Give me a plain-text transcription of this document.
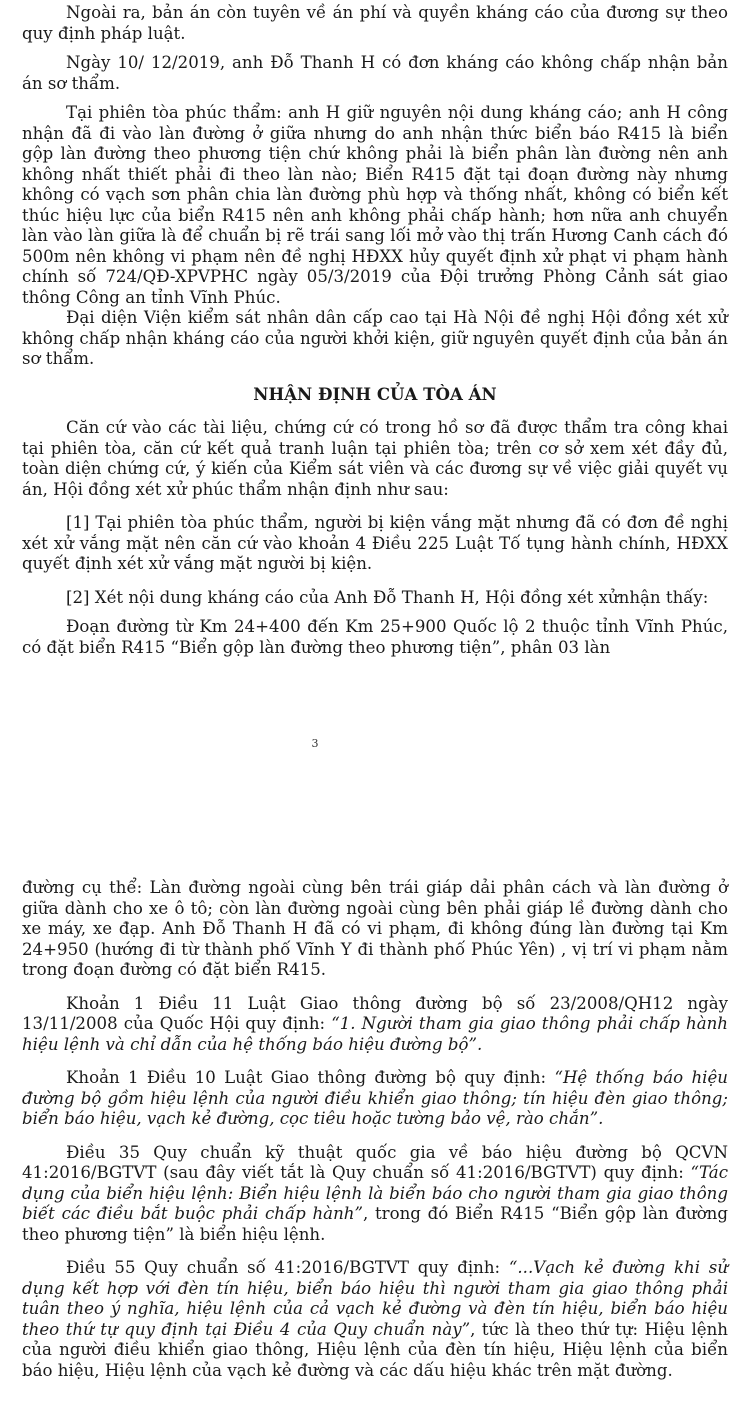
Ngoài ra, bản án còn tuyên về án phí và quyền kháng cáo của đương sự theo quy định pháp luật.

Ngày 10/ 12/2019, anh Đỗ Thanh H có đơn kháng cáo không chấp nhận bản án sơ thẩm.

Tại phiên tòa phúc thẩm: anh H giữ nguyên nội dung kháng cáo; anh H công nhận đã đi vào làn đường ở giữa nhưng do anh nhận thức biển báo R415 là biển gộp làn đường theo phương tiện chứ không phải là biển phân làn đường nên anh không nhất thiết phải đi theo làn nào; Biển R415 đặt tại đoạn đường này nhưng không có vạch sơn phân chia làn đường phù hợp và thống nhất, không có biển kết thúc hiệu lực của biển R415 nên anh không phải chấp hành; hơn nữa anh chuyển làn vào làn giữa là để chuẩn bị rẽ trái sang lối mở vào thị trấn Hương Canh cách đó 500m nên không vi phạm nên đề nghị HĐXX hủy quyết định xử phạt vi phạm hành chính số 724/QĐ-XPVPHC ngày 05/3/2019 của Đội trưởng Phòng Cảnh sát giao thông Công an tỉnh Vĩnh Phúc.

Đại diện Viện kiểm sát nhân dân cấp cao tại Hà Nội đề nghị Hội đồng xét xử không chấp nhận kháng cáo của người khởi kiện, giữ nguyên quyết định của bản án sơ thẩm.

NHẬN ĐỊNH CỦA TÒA ÁN

Căn cứ vào các tài liệu, chứng cứ có trong hồ sơ đã được thẩm tra công khai tại phiên tòa, căn cứ kết quả tranh luận tại phiên tòa; trên cơ sở xem xét đầy đủ, toàn diện chứng cứ, ý kiến của Kiểm sát viên và các đương sự về việc giải quyết vụ án, Hội đồng xét xử phúc thẩm nhận định như sau:

[1] Tại phiên tòa phúc thẩm, người bị kiện vắng mặt nhưng đã có đơn đề nghị xét xử vắng mặt nên căn cứ vào khoản 4 Điều 225 Luật Tố tụng hành chính, HĐXX quyết định xét xử vắng mặt người bị kiện.

[2] Xét nội dung kháng cáo của Anh Đỗ Thanh H, Hội đồng xét xửnhận thấy:

Đoạn đường từ Km 24+400 đến Km 25+900 Quốc lộ 2 thuộc tỉnh Vĩnh Phúc, có đặt biển R415 “Biển gộp làn đường theo phương tiện”, phân 03 làn

3

đường cụ thể: Làn đường ngoài cùng bên trái giáp dải phân cách và làn đường ở giữa dành cho xe ô tô; còn làn đường ngoài cùng bên phải giáp lề đường dành cho xe máy, xe đạp. Anh Đỗ Thanh H đã có vi phạm, đi không đúng làn đường tại Km 24+950 (hướng đi từ thành phố Vĩnh Y đi thành phố Phúc Yên) , vị trí vi phạm nằm trong đoạn đường có đặt biển R415.

Khoản 1 Điều 11 Luật Giao thông đường bộ số 23/2008/QH12 ngày 13/11/2008 của Quốc Hội quy định: “1. Người tham gia giao thông phải chấp hành hiệu lệnh và chỉ dẫn của hệ thống báo hiệu đường bộ”.

Khoản 1 Điều 10 Luật Giao thông đường bộ quy định: “Hệ thống báo hiệu đường bộ gồm hiệu lệnh của người điều khiển giao thông; tín hiệu đèn giao thông; biển báo hiệu, vạch kẻ đường, cọc tiêu hoặc tường bảo vệ, rào chắn”.

Điều 35 Quy chuẩn kỹ thuật quốc gia về báo hiệu đường bộ QCVN 41:2016/BGTVT (sau đây viết tắt là Quy chuẩn số 41:2016/BGTVT) quy định: “Tác dụng của biển hiệu lệnh: Biển hiệu lệnh là biển báo cho người tham gia giao thông biết các điều bắt buộc phải chấp hành”, trong đó Biển R415 “Biển gộp làn đường theo phương tiện” là biển hiệu lệnh.

Điều 55 Quy chuẩn số 41:2016/BGTVT quy định: “...Vạch kẻ đường khi sử dụng kết hợp với đèn tín hiệu, biển báo hiệu thì người tham gia giao thông phải tuân theo ý nghĩa, hiệu lệnh của cả vạch kẻ đường và đèn tín hiệu, biển báo hiệu theo thứ tự quy định tại Điều 4 của Quy chuẩn này”, tức là theo thứ tự: Hiệu lệnh của người điều khiển giao thông, Hiệu lệnh của đèn tín hiệu, Hiệu lệnh của biển báo hiệu, Hiệu lệnh của vạch kẻ đường và các dấu hiệu khác trên mặt đường.
